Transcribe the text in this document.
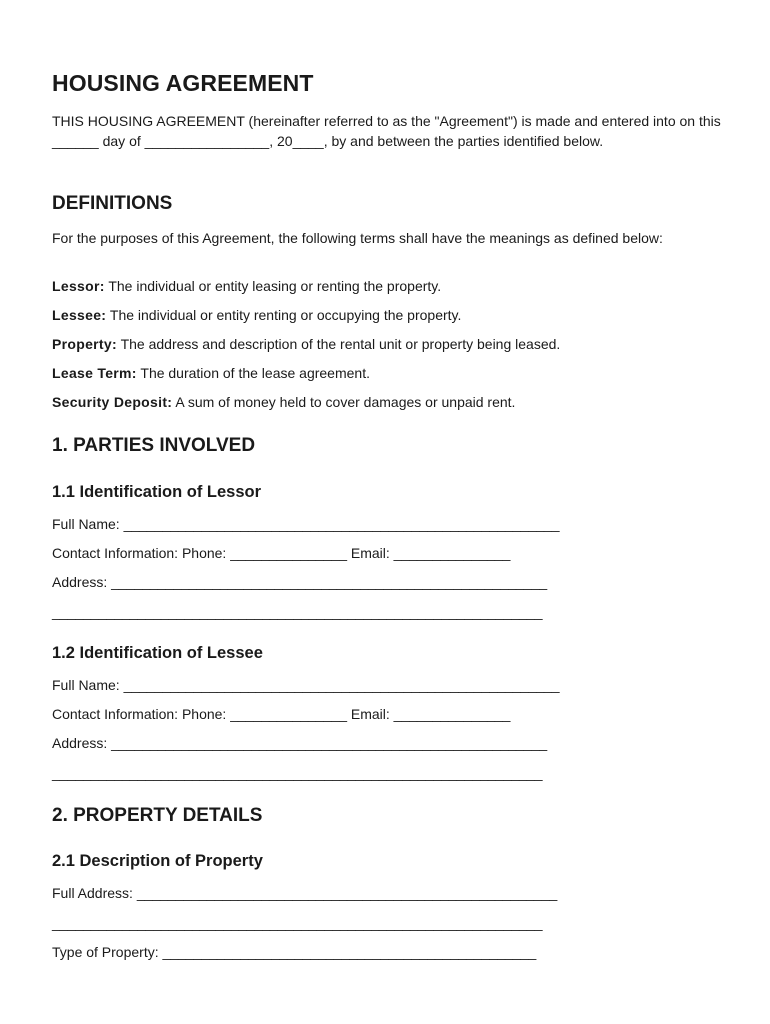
HOUSING AGREEMENT
THIS HOUSING AGREEMENT (hereinafter referred to as the "Agreement") is made and entered into on this ______ day of ________________, 20____, by and between the parties identified below.
DEFINITIONS
For the purposes of this Agreement, the following terms shall have the meanings as defined below:
Lessor: The individual or entity leasing or renting the property.
Lessee: The individual or entity renting or occupying the property.
Property: The address and description of the rental unit or property being leased.
Lease Term: The duration of the lease agreement.
Security Deposit: A sum of money held to cover damages or unpaid rent.
1. PARTIES INVOLVED
1.1 Identification of Lessor
Full Name: ________________________________________________________
Contact Information: Phone: _______________ Email: _______________
Address: ________________________________________________________
_______________________________________________________________
1.2 Identification of Lessee
Full Name: ________________________________________________________
Contact Information: Phone: _______________ Email: _______________
Address: ________________________________________________________
_______________________________________________________________
2. PROPERTY DETAILS
2.1 Description of Property
Full Address: ______________________________________________________
_______________________________________________________________
Type of Property: ________________________________________________
